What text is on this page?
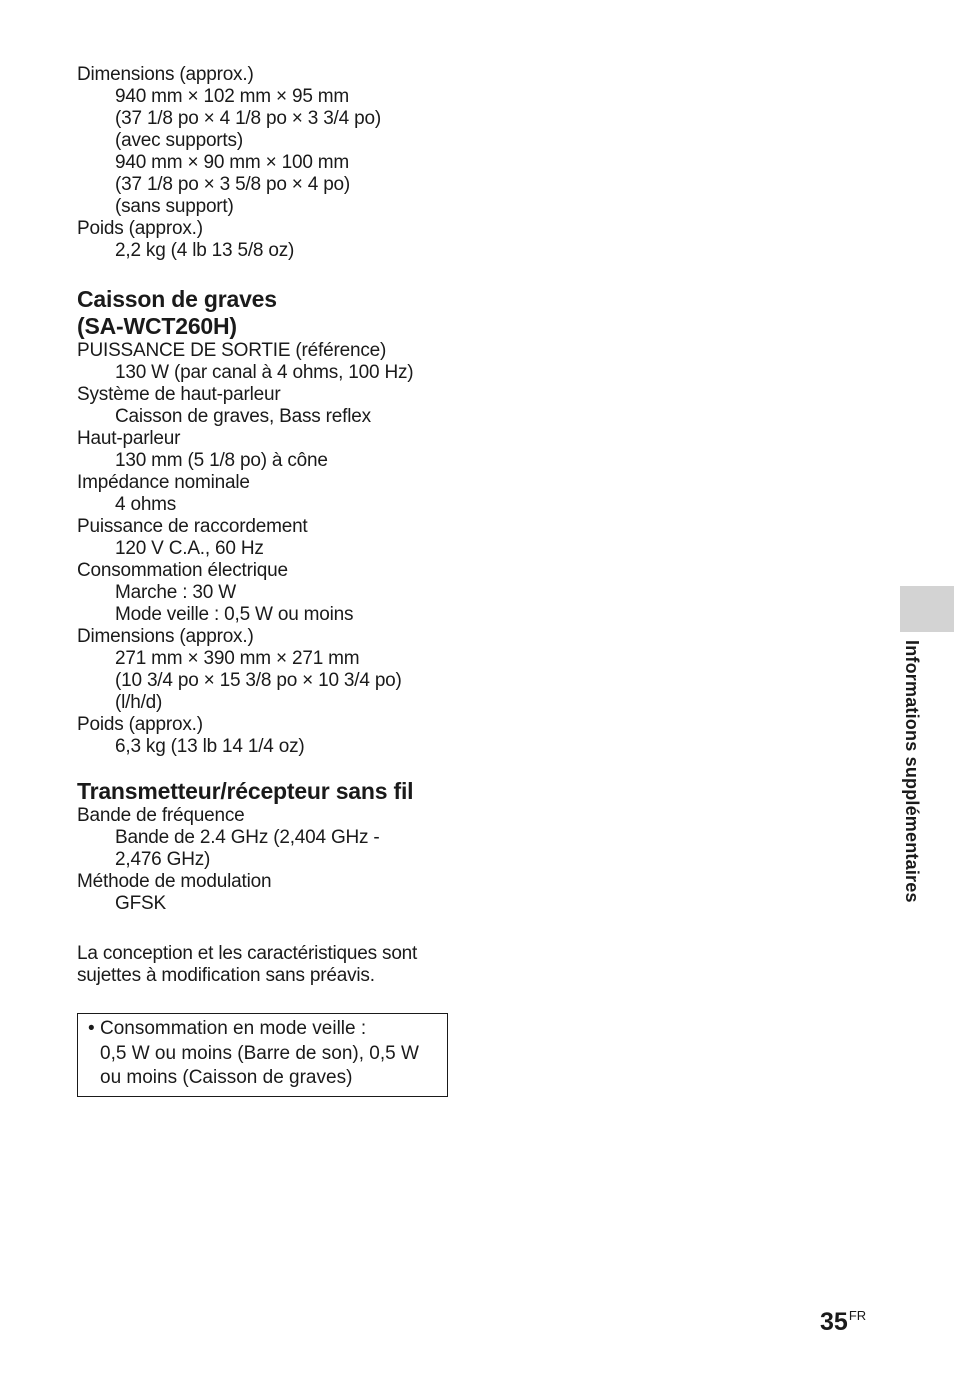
Dimensions (approx.)
940 mm × 102 mm × 95 mm
(37 1/8 po × 4 1/8 po × 3 3/4 po)
(avec supports)
940 mm × 90 mm × 100 mm
(37 1/8 po × 3 5/8 po × 4 po)
(sans support)
Poids (approx.)
2,2 kg (4 lb 13 5/8 oz)
Caisson de graves
(SA-WCT260H)
PUISSANCE DE SORTIE (référence)
130 W (par canal à 4 ohms, 100 Hz)
Système de haut-parleur
Caisson de graves, Bass reflex
Haut-parleur
130 mm (5 1/8 po) à cône
Impédance nominale
4 ohms
Puissance de raccordement
120 V C.A., 60 Hz
Consommation électrique
Marche : 30 W
Mode veille : 0,5 W ou moins
Dimensions (approx.)
271 mm × 390 mm × 271 mm
(10 3/4 po × 15 3/8 po × 10 3/4 po)
(l/h/d)
Poids (approx.)
6,3 kg (13 lb 14 1/4 oz)
Transmetteur/récepteur sans fil
Bande de fréquence
Bande de 2.4 GHz (2,404 GHz -
2,476 GHz)
Méthode de modulation
GFSK

La conception et les caractéristiques sont
sujettes à modification sans préavis.

• Consommation en mode veille :
0,5 W ou moins (Barre de son), 0,5 W
ou moins (Caisson de graves)
Informations supplémentaires
$35^{FR}$
